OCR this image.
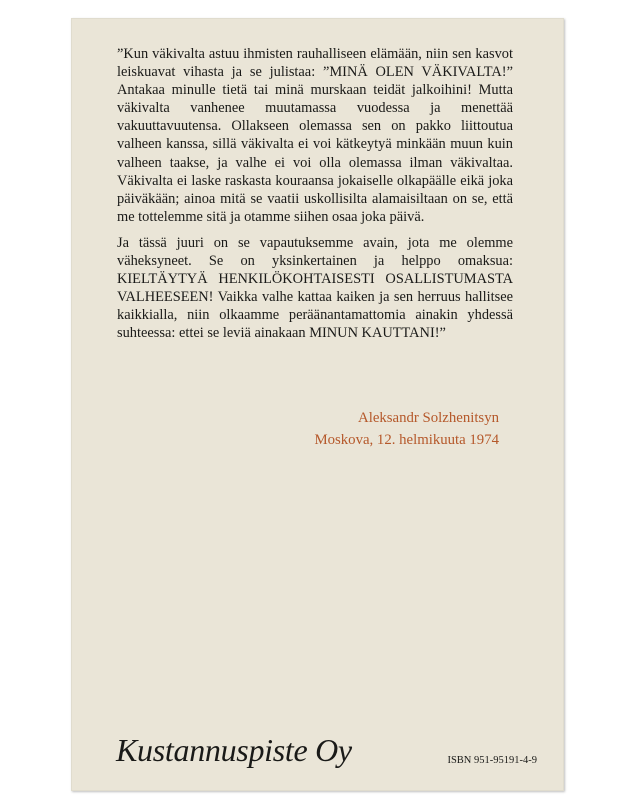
”Kun väkivalta astuu ihmisten rauhalliseen elämään, niin sen kasvot leiskuavat vihasta ja se julistaa: ”MINÄ OLEN VÄKIVALTA!” Antakaa minulle tietä tai minä murskaan teidät jalkoihini! Mutta väkivalta vanhenee muutamassa vuodessa ja menettää vakuuttavuutensa. Ollakseen olemassa sen on pakko liittoutua valheen kanssa, sillä väkivalta ei voi kätkeytyä minkään muun kuin valheen taakse, ja valhe ei voi olla olemassa ilman väkivaltaa. Väkivalta ei laske raskasta kouraansa jokaiselle olkapäälle eikä joka päiväkään; ainoa mitä se vaatii uskollisilta alamaisiltaan on se, että me tottelemme sitä ja otamme siihen osaa joka päivä.

Ja tässä juuri on se vapautuksemme avain, jota me olemme väheksyneet. Se on yksinkertainen ja helppo omaksua: KIELTÄYTYÄ HENKILÖKOHTAISESTI OSALLISTUMASTA VALHEESEEN! Vaikka valhe kattaa kaiken ja sen herruus hallitsee kaikkialla, niin olkaamme peräänantamattomia ainakin yhdessä suhteessa: ettei se leviä ainakaan MINUN KAUTTANI!”

Aleksandr Solzhenitsyn
Moskova, 12. helmikuuta 1974
Kustannuspiste Oy	ISBN 951-95191-4-9
